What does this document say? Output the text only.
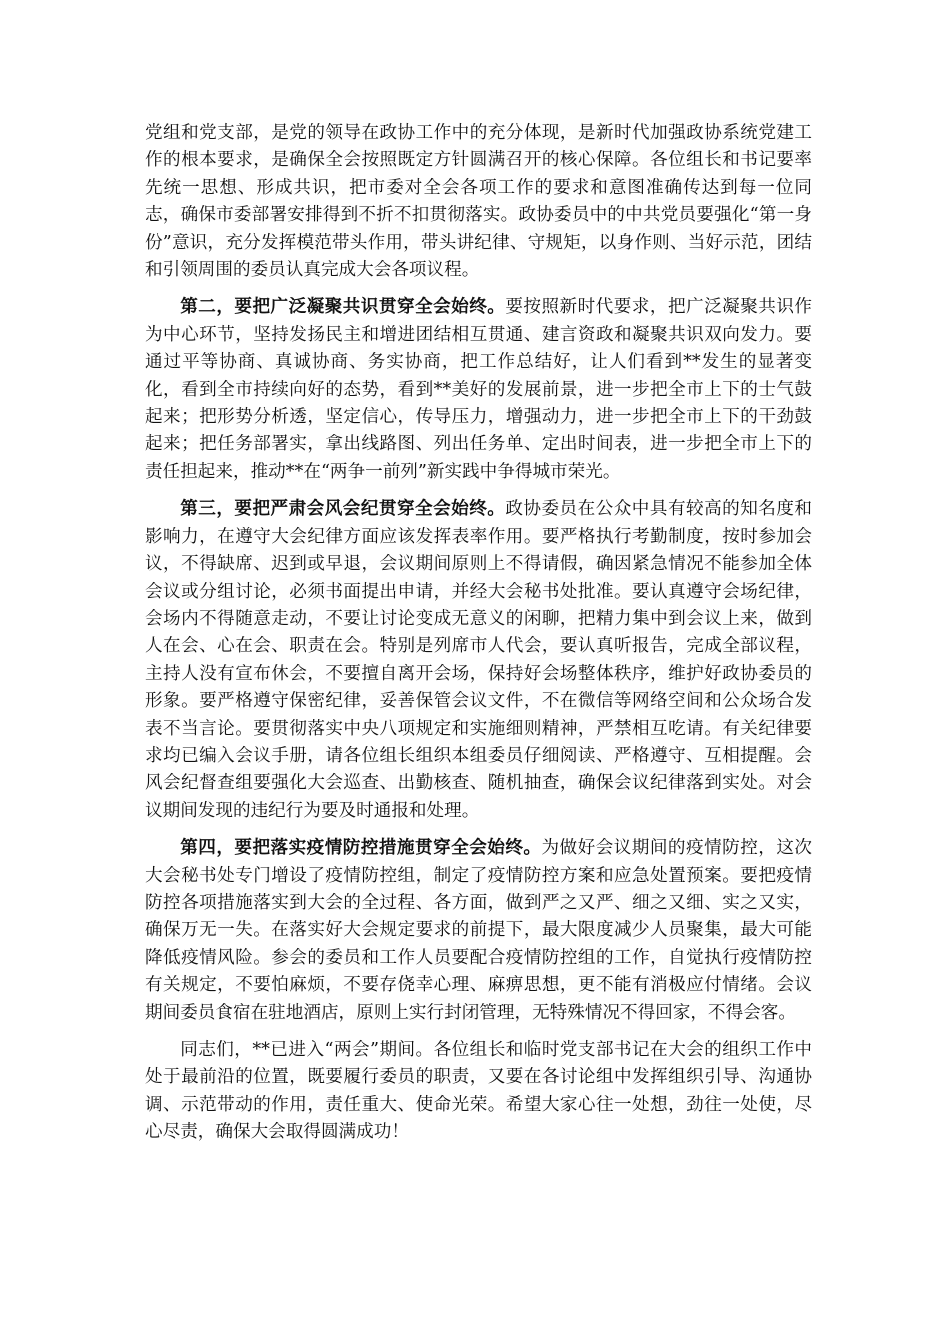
党组和党支部，是党的领导在政协工作中的充分体现，是新时代加强政协系统党建工作的根本要求，是确保全会按照既定方针圆满召开的核心保障。各位组长和书记要率先统一思想、形成共识，把市委对全会各项工作的要求和意图准确传达到每一位同志，确保市委部署安排得到不折不扣贯彻落实。政协委员中的中共党员要强化“第一身份”意识，充分发挥模范带头作用，带头讲纪律、守规矩，以身作则、当好示范，团结和引领周围的委员认真完成大会各项议程。

第二，要把广泛凝聚共识贯穿全会始终。要按照新时代要求，把广泛凝聚共识作为中心环节，坚持发扬民主和增进团结相互贯通、建言资政和凝聚共识双向发力。要通过平等协商、真诚协商、务实协商，把工作总结好，让人们看到**发生的显著变化，看到全市持续向好的态势，看到**美好的发展前景，进一步把全市上下的士气鼓起来；把形势分析透，坚定信心，传导压力，增强动力，进一步把全市上下的干劲鼓起来；把任务部署实，拿出线路图、列出任务单、定出时间表，进一步把全市上下的责任担起来，推动**在“两争一前列”新实践中争得城市荣光。

第三，要把严肃会风会纪贯穿全会始终。政协委员在公众中具有较高的知名度和影响力，在遵守大会纪律方面应该发挥表率作用。要严格执行考勤制度，按时参加会议，不得缺席、迟到或早退，会议期间原则上不得请假，确因紧急情况不能参加全体会议或分组讨论，必须书面提出申请，并经大会秘书处批准。要认真遵守会场纪律，会场内不得随意走动，不要让讨论变成无意义的闲聊，把精力集中到会议上来，做到人在会、心在会、职责在会。特别是列席市人代会，要认真听报告，完成全部议程，主持人没有宣布休会，不要擅自离开会场，保持好会场整体秩序，维护好政协委员的形象。要严格遵守保密纪律，妥善保管会议文件，不在微信等网络空间和公众场合发表不当言论。要贯彻落实中央八项规定和实施细则精神，严禁相互吃请。有关纪律要求均已编入会议手册，请各位组长组织本组委员仔细阅读、严格遵守、互相提醒。会风会纪督查组要强化大会巡查、出勤核查、随机抽查，确保会议纪律落到实处。对会议期间发现的违纪行为要及时通报和处理。

第四，要把落实疫情防控措施贯穿全会始终。为做好会议期间的疫情防控，这次大会秘书处专门增设了疫情防控组，制定了疫情防控方案和应急处置预案。要把疫情防控各项措施落实到大会的全过程、各方面，做到严之又严、细之又细、实之又实，确保万无一失。在落实好大会规定要求的前提下，最大限度减少人员聚集，最大可能降低疫情风险。参会的委员和工作人员要配合疫情防控组的工作，自觉执行疫情防控有关规定，不要怕麻烦，不要存侥幸心理、麻痹思想，更不能有消极应付情绪。会议期间委员食宿在驻地酒店，原则上实行封闭管理，无特殊情况不得回家，不得会客。

同志们，**已进入“两会”期间。各位组长和临时党支部书记在大会的组织工作中处于最前沿的位置，既要履行委员的职责，又要在各讨论组中发挥组织引导、沟通协调、示范带动的作用，责任重大、使命光荣。希望大家心往一处想，劲往一处使，尽心尽责，确保大会取得圆满成功！
